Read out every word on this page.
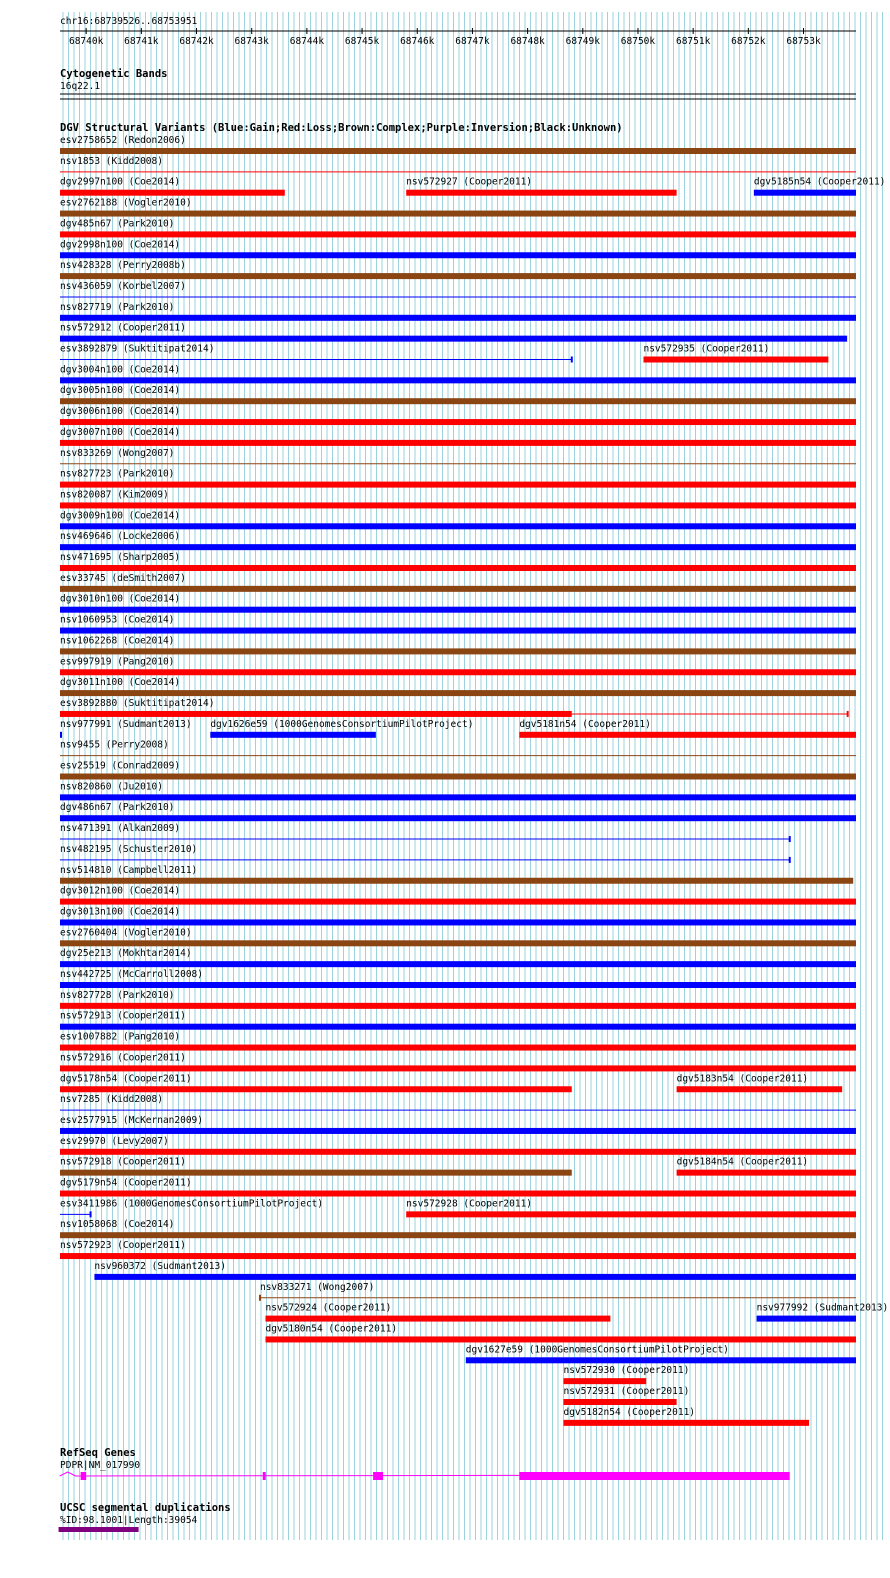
chr16:68739526..68753951
68740k 68741k 68742k 68743k 68744k 68745k 68746k 68747k 68748k 68749k 68750k 68751k 68752k 68753k
Cytogenetic Bands
16q22.1
DGV Structural Variants (Blue:Gain;Red:Loss;Brown:Complex;Purple:Inversion;Black:Unknown)
esv2758652 (Redon2006)
nsv1853 (Kidd2008)
dgv2997n100 (Coe2014)	nsv572927 (Cooper2011)	dgv5185n54 (Cooper2011)
esv2762188 (Vogler2010)
dgv485n67 (Park2010)
dgv2998n100 (Coe2014)
nsv428328 (Perry2008b)
nsv436059 (Korbel2007)
nsv827719 (Park2010)
nsv572912 (Cooper2011)
esv3892879 (Suktitipat2014)	nsv572935 (Cooper2011)
dgv3004n100 (Coe2014)
dgv3005n100 (Coe2014)
dgv3006n100 (Coe2014)
dgv3007n100 (Coe2014)
nsv833269 (Wong2007)
nsv827723 (Park2010)
nsv820087 (Kim2009)
dgv3009n100 (Coe2014)
nsv469646 (Locke2006)
nsv471695 (Sharp2005)
esv33745 (deSmith2007)
dgv3010n100 (Coe2014)
nsv1060953 (Coe2014)
nsv1062268 (Coe2014)
esv997919 (Pang2010)
dgv3011n100 (Coe2014)
esv3892880 (Suktitipat2014)
nsv977991 (Sudmant2013) dgv1626e59 (1000GenomesConsortiumPilotProject)	dgv5181n54 (Cooper2011)
nsv9455 (Perry2008)
esv25519 (Conrad2009)
nsv820860 (Ju2010)
dgv486n67 (Park2010)
nsv471391 (Alkan2009)
nsv482195 (Schuster2010)
nsv514810 (Campbell2011)
dgv3012n100 (Coe2014)
dgv3013n100 (Coe2014)
esv2760404 (Vogler2010)
dgv25e213 (Mokhtar2014)
nsv442725 (McCarroll2008)
nsv827728 (Park2010)
nsv572913 (Cooper2011)
esv1007882 (Pang2010)
nsv572916 (Cooper2011)
dgv5178n54 (Cooper2011)	dgv5183n54 (Cooper2011)
nsv7285 (Kidd2008)
esv2577915 (McKernan2009)
esv29970 (Levy2007)
nsv572918 (Cooper2011)	dgv5184n54 (Cooper2011)
dgv5179n54 (Cooper2011)
esv3411986 (1000GenomesConsortiumPilotProject)	nsv572928 (Cooper2011)
nsv1058068 (Coe2014)
nsv572923 (Cooper2011)
nsv960372 (Sudmant2013)
nsv833271 (Wong2007)
nsv572924 (Cooper2011)	nsv977992 (Sudmant2013)
dgv5180n54 (Cooper2011)
dgv1627e59 (1000GenomesConsortiumPilotProject)
nsv572930 (Cooper2011)
nsv572931 (Cooper2011)
dgv5182n54 (Cooper2011)
RefSeq Genes
PDPR|NM_017990
UCSC segmental duplications
%ID:98.1001|Length:39054
